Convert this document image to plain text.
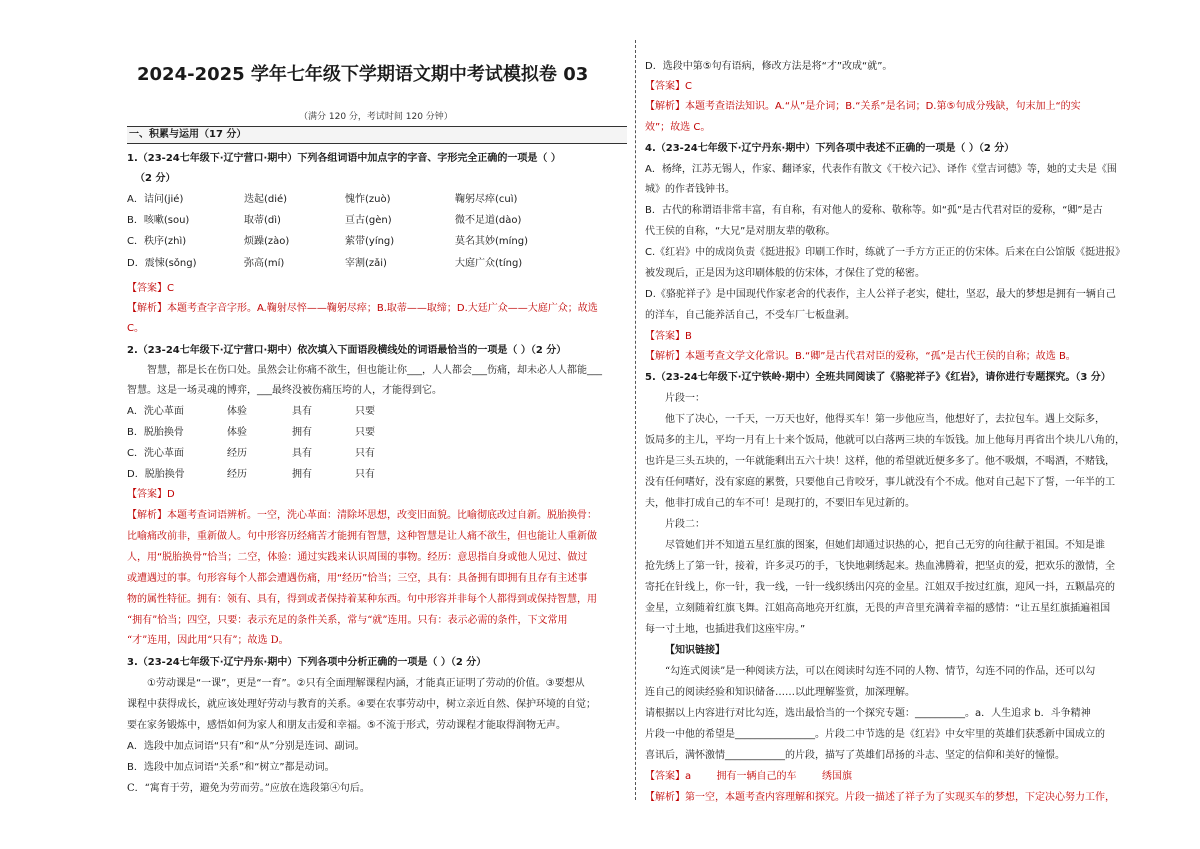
2024-2025 学年七年级下学期语文期中考试模拟卷 03
（满分 120 分，考试时间 120 分钟）
一、积累与运用（17 分）
1.（23-24七年级下·辽宁营口·期中）下列各组词语中加点字的字音、字形完全正确的一项是（ ）
（2 分）
A．诘问(jié)	迭起(dié)	愧怍(zuò)	鞠躬尽瘁(cuì)
B．咳嗽(sou)	取蒂(dì)	亘古(gèn)	微不足道(dào)
C．秩序(zhì)	烦躁(zào)	萦带(yíng)	莫名其妙(míng)
D．震悚(sǒng)	弥高(mí)	宰割(zǎi)	大庭广众(tíng)
【答案】C
【解析】本题考查字音字形。A.鞠射尽悴——鞠躬尽瘁；B.取蒂——取缔；D.大廷广众——大庭广众；故选
C。
2.（23-24七年级下·辽宁营口·期中）依次填入下面语段横线处的词语最恰当的一项是（ ）（2 分）
智慧，都是长在伤口处。虽然会让你痛不欲生，但也能让你___，人人都会___伤痛，却未必人人都能___
智慧。这是一场灵魂的博弈，___最终没被伤痛压垮的人，才能得到它。
A．洗心革面	体验	具有	只要
B．脱胎换骨	体验	拥有	只要
C．洗心革面	经历	具有	只有
D．脱胎换骨	经历	拥有	只有
【答案】D
【解析】本题考查词语辨析。一空，洗心革面：清除坏思想，改变旧面貌。比喻彻底改过自新。脱胎换骨：
比喻痛改前非，重新做人。句中形容历经痛苦才能拥有智慧，这种智慧是让人痛不欲生，但也能让人重新做
人，用“脱胎换骨”恰当；二空，体验：通过实践来认识周围的事物。经历：意思指自身或他人见过、做过
或遭遇过的事。句形容每个人都会遭遇伤痛，用“经历”恰当；三空，具有：具备拥有即拥有且存有主述事
物的属性特征。拥有：领有、具有，得到或者保持着某种东西。句中形容并非每个人都得到或保持智慧，用
“拥有”恰当；四空，只要：表示充足的条件关系，常与“就”连用。只有：表示必需的条件，下文常用
“才”连用，因此用“只有”；故选 D。
3.（23-24七年级下·辽宁丹东·期中）下列各项中分析正确的一项是（ ）（2 分）
①劳动课是“一课”，更是“一育”。②只有全面理解课程内涵，才能真正证明了劳动的价值。③要想从
课程中获得成长，就应该处理好劳动与教育的关系。④要在农事劳动中，树立亲近自然、保护环境的自觉；
要在家务锻炼中，感悟如何为家人和朋友击爱和幸福。⑤不流于形式，劳动课程才能取得润物无声。
A．选段中加点词语“只有”和“从”分别是连词、副词。
B．选段中加点词语“关系”和“树立”都是动词。
C．“寓育于劳，避免为劳而劳。”应放在选段第④句后。
D．选段中第⑤句有语病，修改方法是将“才”改成“就”。
【答案】C
【解析】本题考查语法知识。A.“从”是介词；B.“关系”是名词；D.第⑤句成分残缺，句末加上“的实
效”；故选 C。
4.（23-24七年级下·辽宁丹东·期中）下列各项中表述不正确的一项是（ ）（2 分）
A．杨绛，江苏无锡人，作家、翻译家，代表作有散文《干校六记》、译作《堂吉诃德》等，她的丈夫是《围
城》的作者钱钟书。
B．古代的称谓语非常丰富，有自称，有对他人的爱称、敬称等。如“孤”是古代君对臣的爱称，“卿”是古
代王侯的自称，“大兄”是对朋友辈的敬称。
C.《红岩》中的成岗负责《挺进报》印刷工作时，练就了一手方方正正的仿宋体。后来在白公馆版《挺进报》
被发现后，正是因为这印刷体般的仿宋体，才保住了党的秘密。
D.《骆驼祥子》是中国现代作家老舍的代表作，主人公祥子老实，健壮，坚忍，最大的梦想是拥有一辆自己
的洋车，自己能养活自己，不受车厂七板盘剥。
【答案】B
【解析】本题考查文学文化常识。B.“卿”是古代君对臣的爱称，“孤”是古代王侯的自称；故选 B。
5.（23-24七年级下·辽宁铁岭·期中）全班共同阅读了《骆驼祥子》《红岩》，请你进行专题探究。（3 分）
片段一：
他下了决心，一千天，一万天也好，他得买车！第一步他应当，他想好了，去拉包车。遇上交际多，
饭局多的主儿，平均一月有上十来个饭局，他就可以白落两三块的车饭钱。加上他每月再省出个块儿八角的，
也许是三头五块的，一年就能剩出五六十块！这样，他的希望就近便多多了。他不吸烟，不喝酒，不赌钱，
没有任何嗜好，没有家庭的累赘，只要他自己肯咬牙，事儿就没有个不成。他对自己起下了誓，一年半的工
夫，他非打成自己的车不可！是现打的，不要旧车见过新的。
片段二：
尽管她们并不知道五星红旗的图案，但她们却通过识热的心，把自己无穷的向往献于祖国。不知是谁
抢先绣上了第一针，接着，许多灵巧的手，飞快地刺绣起来。热血沸腾着，把坚贞的爱，把欢乐的激情，全
寄托在针线上，你一针，我一线，一针一线织绣出闪亮的金星。江姐双手按过红旗，迎风一抖，五颗晶亮的
金星，立刻随着红旗飞舞。江姐高高地亮开红旗，无畏的声音里充满着幸福的感情：“让五星红旗插遍祖国
每一寸土地，也插进我们这座牢房。”
【知识链接】
“勾连式阅读”是一种阅读方法，可以在阅读时勾连不同的人物、情节，勾连不同的作品，还可以勾
连自己的阅读经验和知识储备……以此理解鉴赏，加深理解。
请根据以上内容进行对比勾连，选出最恰当的一个探究专题：__________。a．人生追求 b．斗争精神
片段一中他的希望是________________。片段二中节选的是《红岩》中女牢里的英雄们获悉新中国成立的
喜讯后，满怀激情____________的片段，描写了英雄们昂扬的斗志、坚定的信仰和美好的憧憬。
【答案】a        拥有一辆自己的车        绣国旗
【解析】第一空，本题考查内容理解和探究。片段一描述了祥子为了实现买车的梦想，下定决心努力工作，
